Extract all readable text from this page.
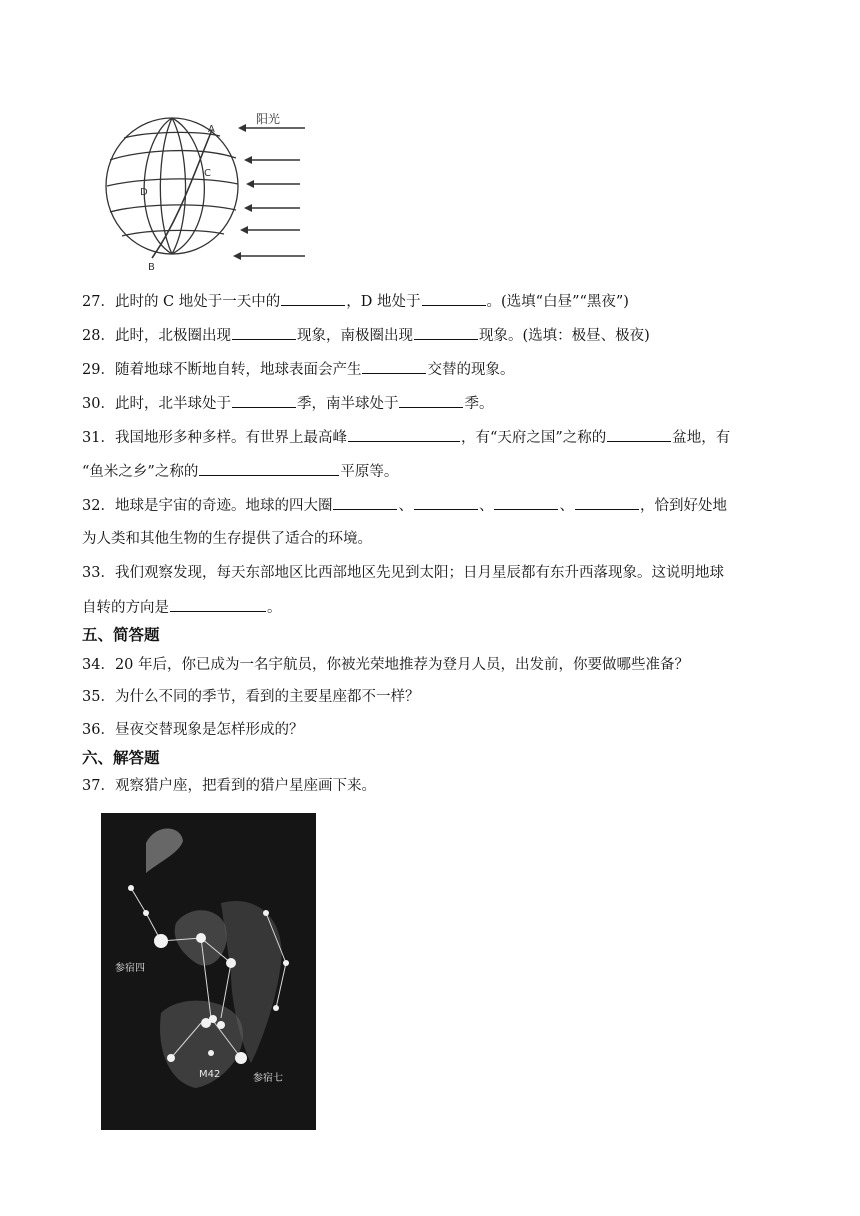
阳光
A
B
C
D
27．此时的 C 地处于一天中的	，D 地处于	。(选填“白昼”“黑夜”)
28．此时，北极圈出现	现象，南极圈出现	现象。(选填：极昼、极夜)
29．随着地球不断地自转，地球表面会产生	交替的现象。
30．此时，北半球处于	季，南半球处于	季。
31．我国地形多种多样。有世界上最高峰	，有“天府之国”之称的	盆地，有
“鱼米之乡”之称的	平原等。
32．地球是宇宙的奇迹。地球的四大圈	、	、	、	，恰到好处地
为人类和其他生物的生存提供了适合的环境。
33．我们观察发现，每天东部地区比西部地区先见到太阳；日月星辰都有东升西落现象。这说明地球
自转的方向是	。
五、简答题
34．20 年后，你已成为一名宇航员，你被光荣地推荐为登月人员，出发前，你要做哪些准备？
35．为什么不同的季节，看到的主要星座都不一样？
36．昼夜交替现象是怎样形成的？
六、解答题
37．观察猎户座，把看到的猎户星座画下来。
参宿四
M42	参宿七
